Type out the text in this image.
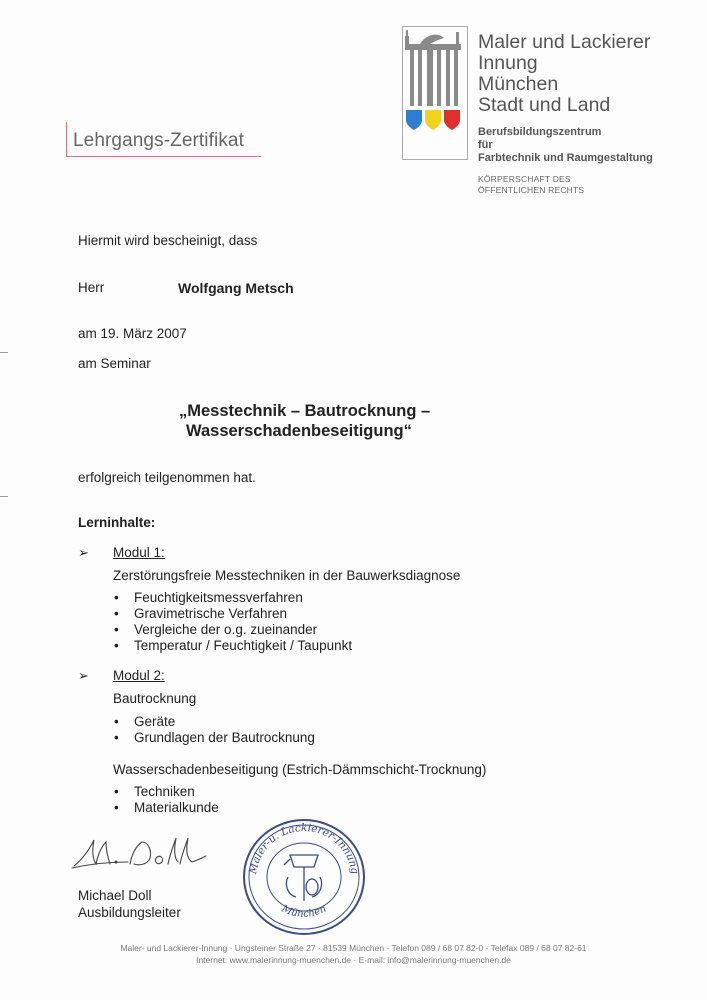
Lehrgangs-Zertifikat
Maler und Lackierer
Innung
München
Stadt und Land
Berufsbildungszentrum
für
Farbtechnik und Raumgestaltung
KÖRPERSCHAFT DES
ÖFFENTLICHEN RECHTS
Hiermit wird bescheinigt, dass
Herr	Wolfgang Metsch
am 19. März 2007
am Seminar
„Messtechnik – Bautrocknung –
Wasserschadenbeseitigung“
erfolgreich teilgenommen hat.
Lerninhalte:
➢ Modul 1:
Zerstörungsfreie Messtechniken in der Bauwerksdiagnose
• Feuchtigkeitsmessverfahren
• Gravimetrische Verfahren
• Vergleiche der o.g. zueinander
• Temperatur / Feuchtigkeit / Taupunkt
➢ Modul 2:
Bautrocknung
• Geräte
• Grundlagen der Bautrocknung
Wasserschadenbeseitigung (Estrich-Dämmschicht-Trocknung)
• Techniken
• Materialkunde
Michael Doll
Ausbildungsleiter
Maler-u. Lackierer-Innung
München
Maler- und Lackierer-Innung · Ungsteiner Straße 27 · 81539 München · Telefon 089 / 68 07 82-0 · Telefax 089 / 68 07 82-61
Internet: www.malerinnung-muenchen.de · E-mail: info@malerinnung-muenchen.de
